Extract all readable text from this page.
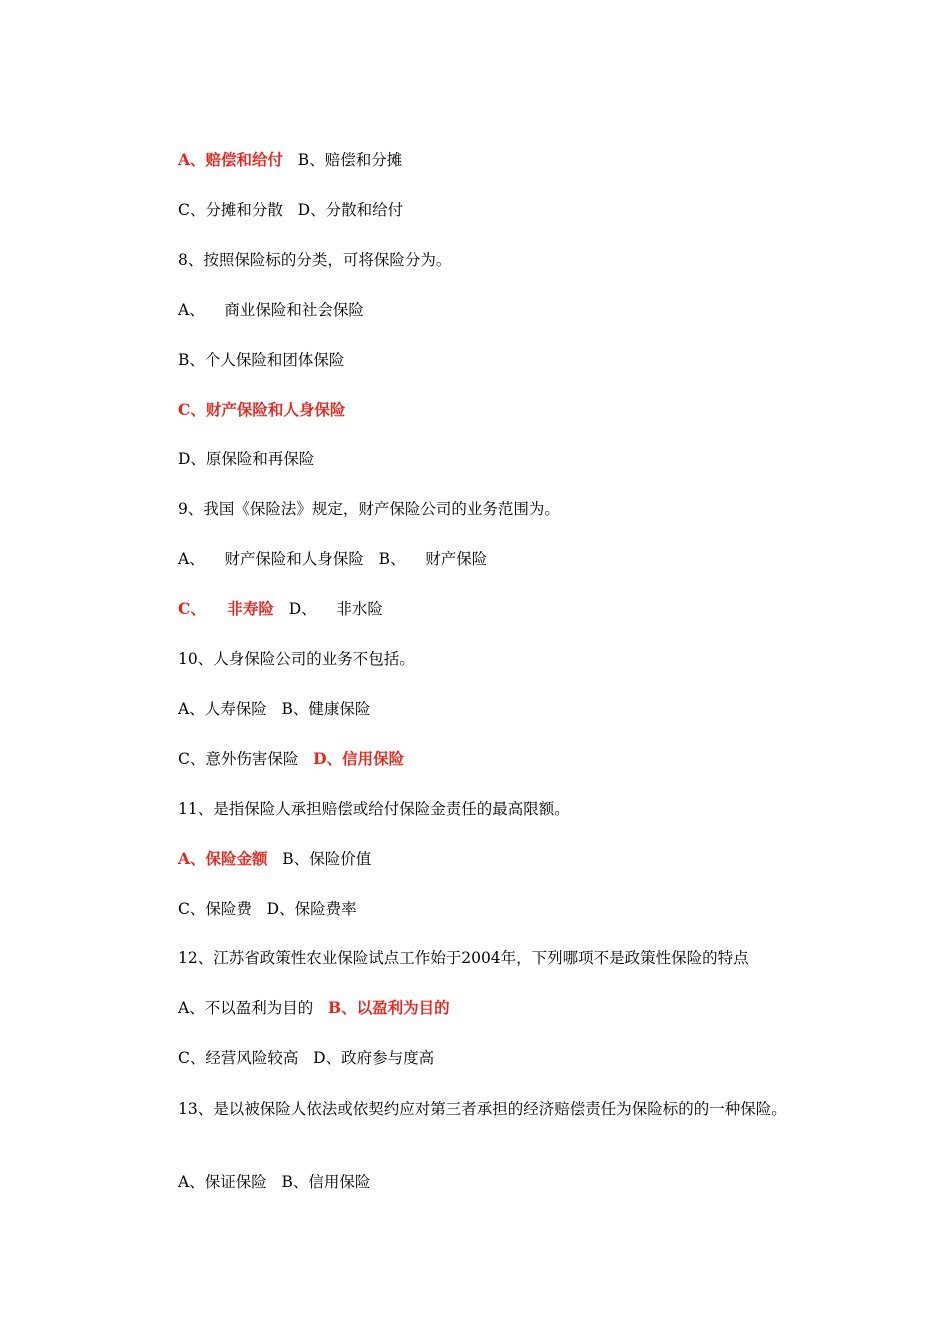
A、赔偿和给付   B、赔偿和分摊
C、分摊和分散   D、分散和给付
8、按照保险标的分类，可将保险分为。
A、    商业保险和社会保险
B、个人保险和团体保险
C、财产保险和人身保险
D、原保险和再保险
9、我国《保险法》规定，财产保险公司的业务范围为。
A、    财产保险和人身保险   B、    财产保险
C、    非寿险   D、    非水险
10、人身保险公司的业务不包括。
A、人寿保险   B、健康保险
C、意外伤害保险   D、信用保险
11、是指保险人承担赔偿或给付保险金责任的最高限额。
A、保险金额   B、保险价值
C、保险费   D、保险费率
12、江苏省政策性农业保险试点工作始于2004年，下列哪项不是政策性保险的特点
A、不以盈利为目的   B、以盈利为目的
C、经营风险较高   D、政府参与度高
13、是以被保险人依法或依契约应对第三者承担的经济赔偿责任为保险标的的一种保险。
A、保证保险   B、信用保险
